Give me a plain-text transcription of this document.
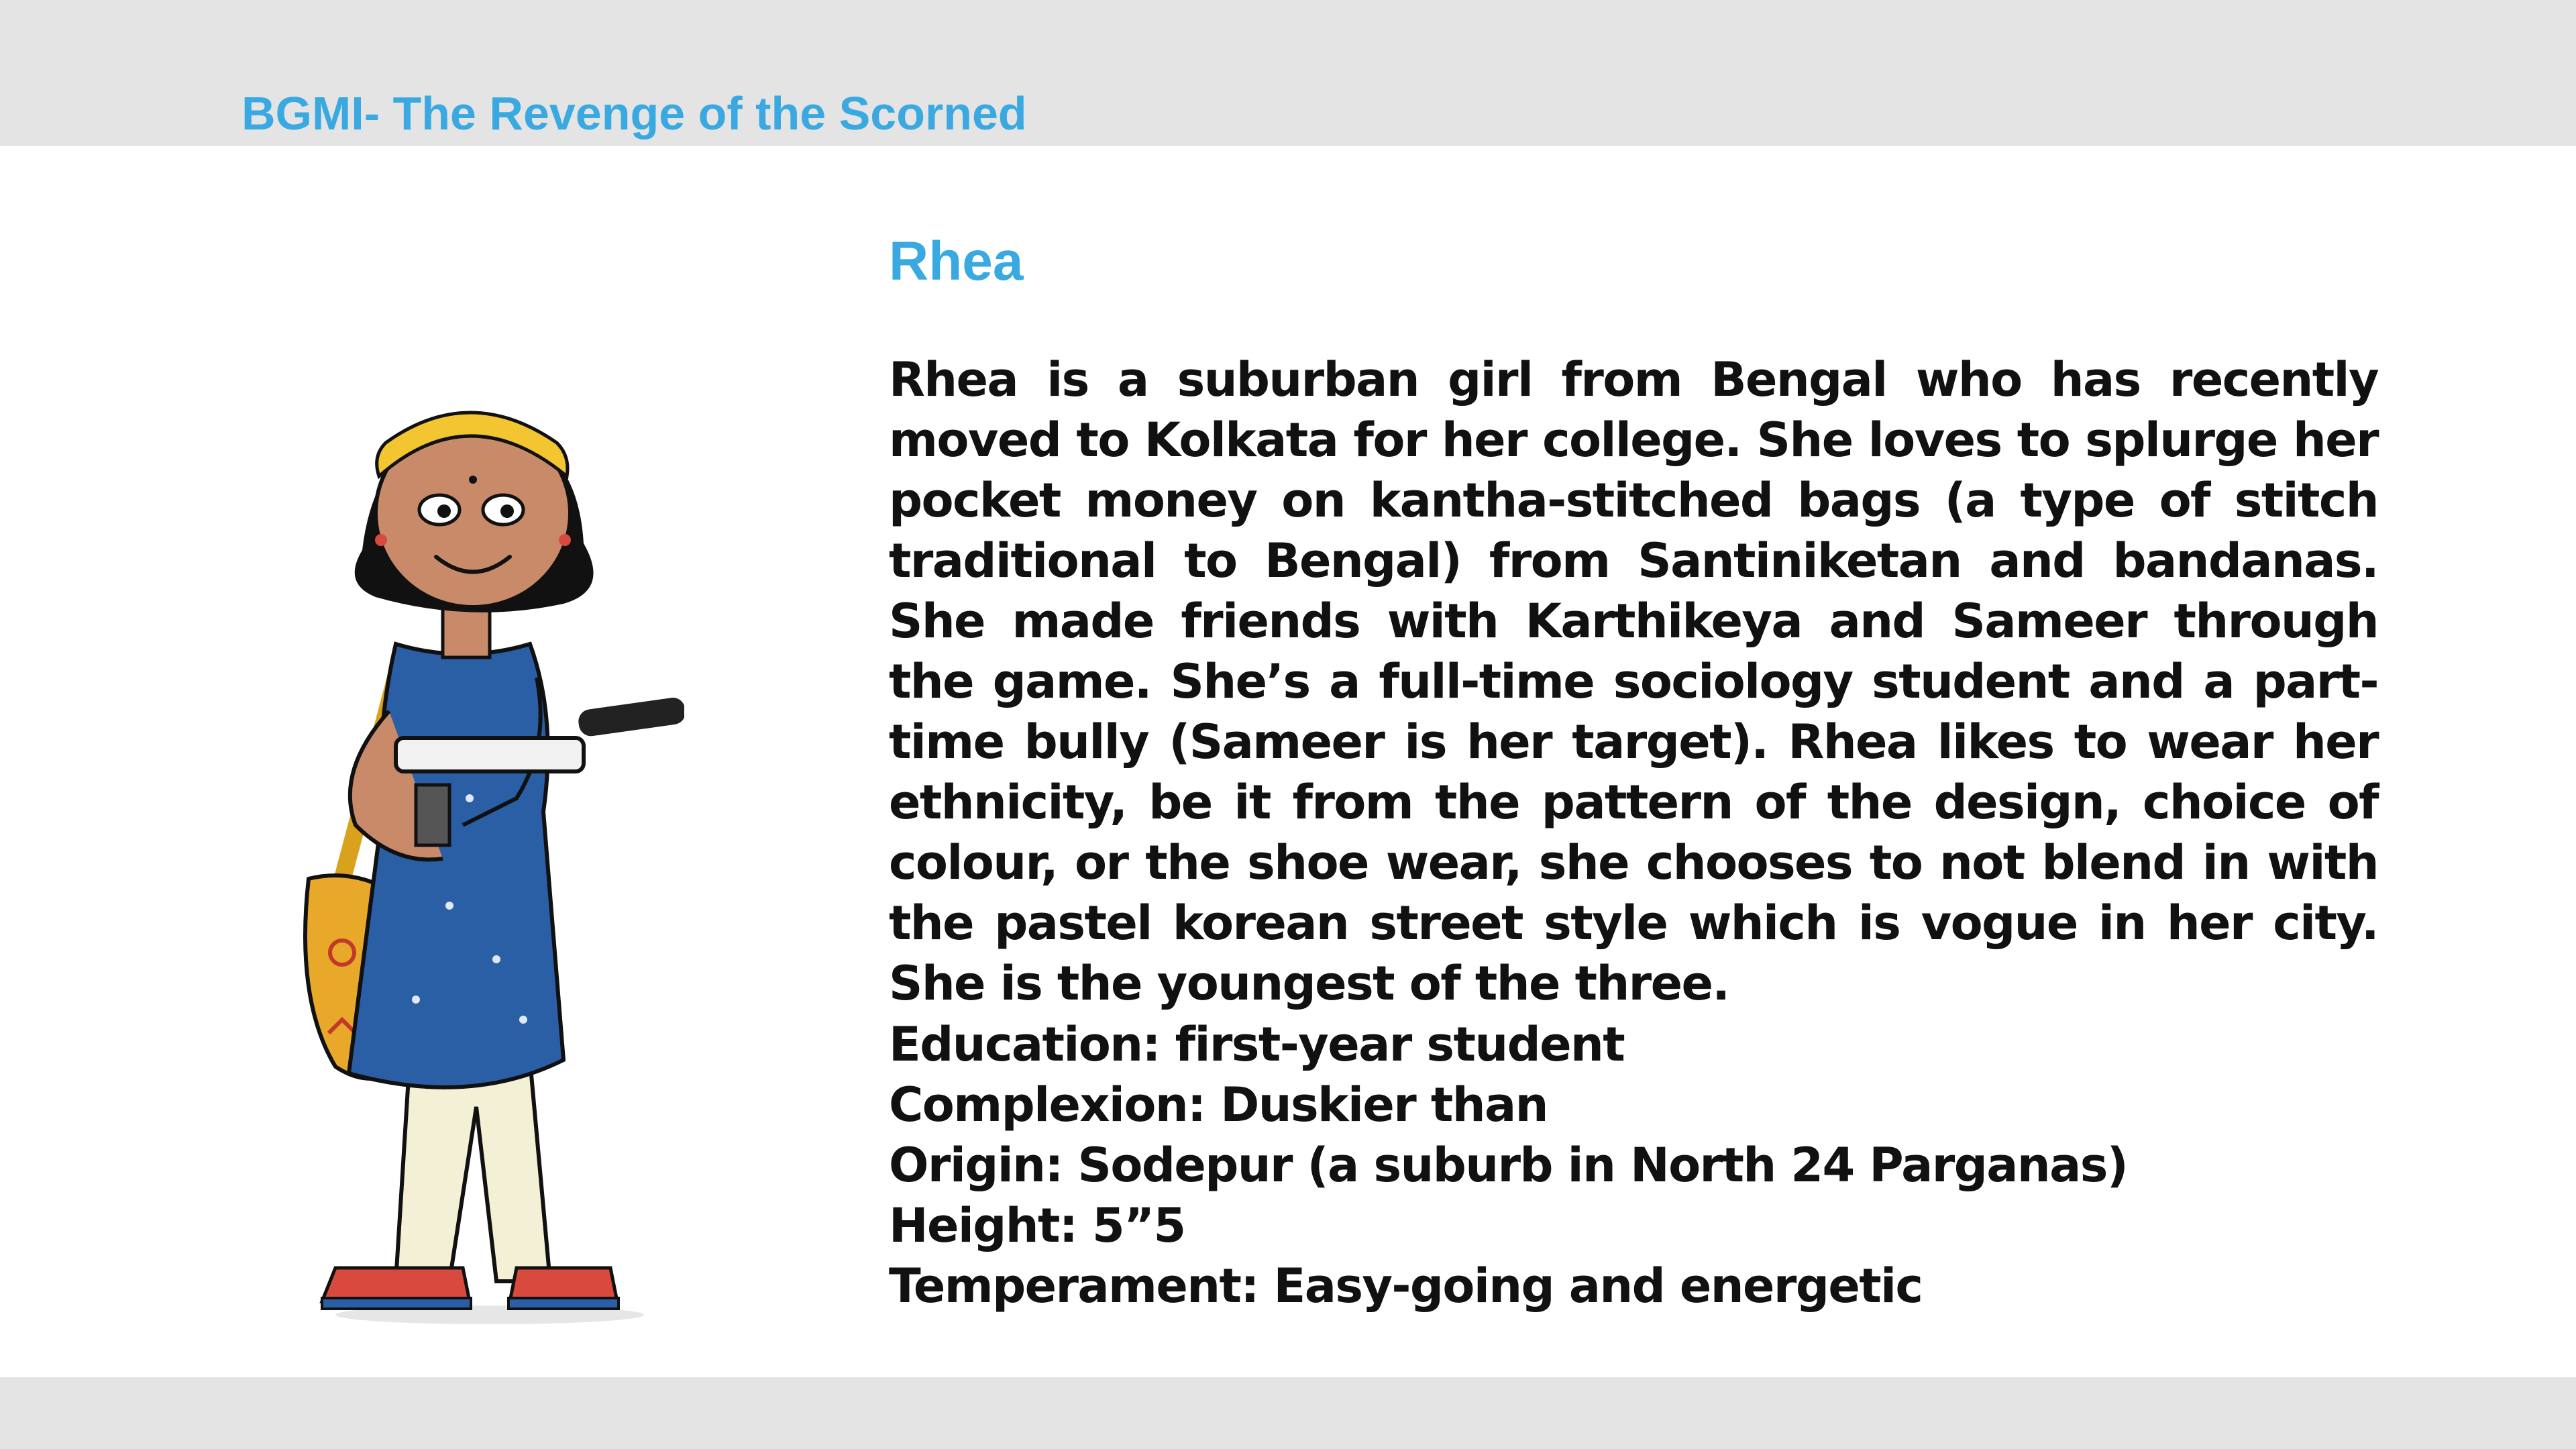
BGMI- The Revenge of the Scorned
Rhea

Rhea is a suburban girl from Bengal who has recently moved to Kolkata for her college. She loves to splurge her pocket money on kantha-stitched bags (a type of stitch traditional to Bengal) from Santiniketan and bandanas. She made friends with Karthikeya and Sameer through the game. She’s a full-time sociology student and a part-time bully (Sameer is her target). Rhea likes to wear her ethnicity, be it from the pattern of the design, choice of colour, or the shoe wear, she chooses to not blend in with the pastel korean street style which is vogue in her city. She is the youngest of the three.

Education: first-year student
Complexion: Duskier than
Origin: Sodepur (a suburb in North 24 Parganas)
Height: 5”5
Temperament: Easy-going and energetic
